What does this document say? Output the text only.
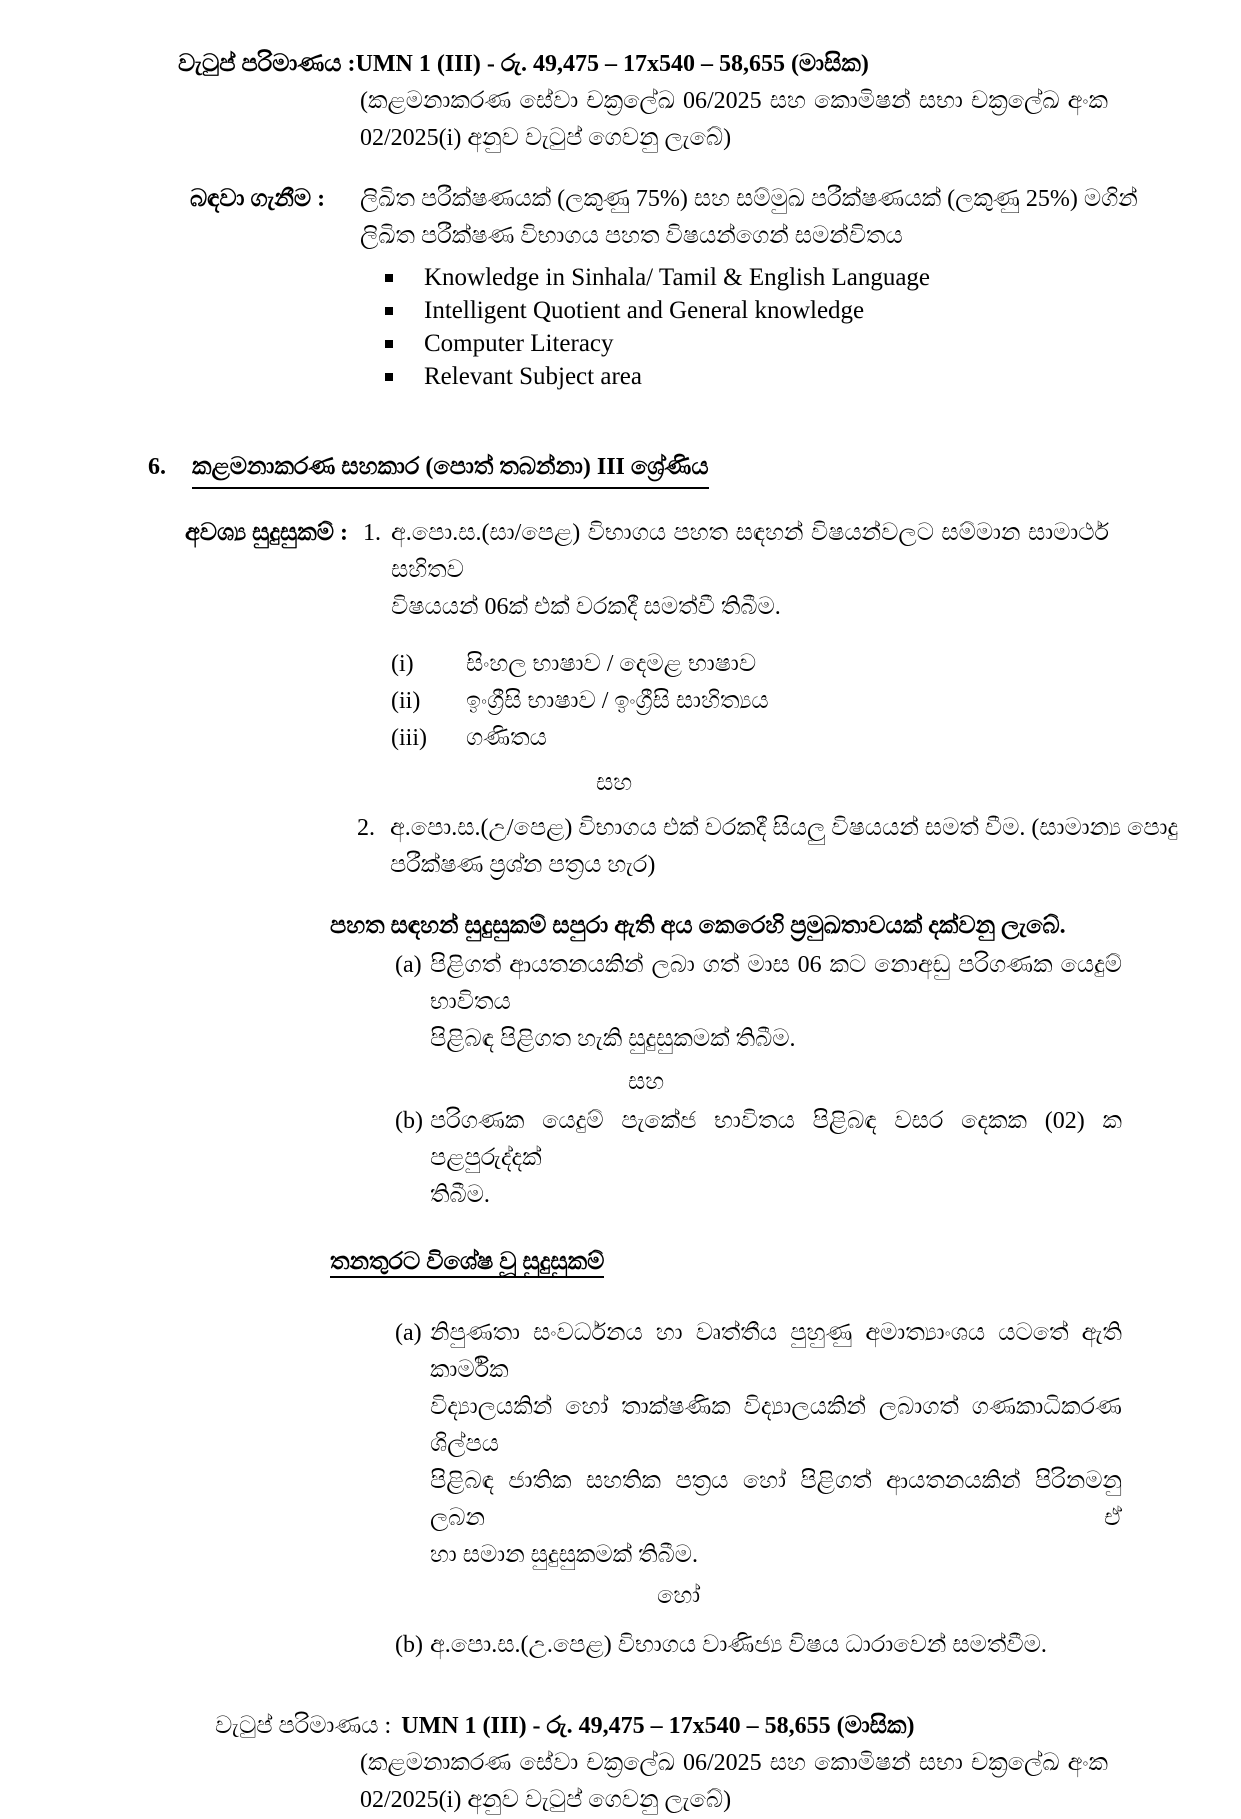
වැටුප් පරිමාණය : UMN 1 (III) - රු. 49,475 – 17x540 – 58,655 (මාසික)
(කළමනාකරණ සේවා චක්‍රලේඛ 06/2025 සහ කොමිෂන් සභා චක්‍රලේඛ අංක
02/2025(i) අනුව වැටුප් ගෙවනු ලැබේ)
බඳවා ගැනීම :	ලිඛිත පරීක්ෂණයක් (ලකුණු 75%) සහ සම්මුඛ පරීක්ෂණයක් (ලකුණු 25%) මගින්
ලිඛිත පරීක්ෂණ විභාගය පහත විෂයන්ගෙන් සමන්විතය
Knowledge in Sinhala/ Tamil & English Language
Intelligent Quotient and General knowledge
Computer Literacy
Relevant Subject area
6.	කළමනාකරණ සහකාර (පොත් තබන්නා) III ශ්‍රේණිය
අවශ්‍ය සුදුසුකම් : 1. අ.පො.ස.(සා/පෙළ) විභාගය පහත සඳහන් විෂයන්වලට සම්මාන සාමාර්ථ සහිතව
විෂයයන් 06ක් එක් වරකදී සමත්වී තිබීම.
(i)	සිංහල භාෂාව / දෙමළ භාෂාව
(ii)	ඉංග්‍රීසි භාෂාව / ඉංග්‍රීසි සාහිත්‍යය
(iii)	ගණිතය
සහ
2. අ.පො.ස.(උ/පෙළ) විභාගය එක් වරකදී සියලු විෂයයන් සමත් වීම. (සාමාන්‍ය පොදු
පරීක්ෂණ ප්‍රශ්න පත්‍රය හැර)
පහත සඳහන් සුදුසුකම් සපුරා ඇති අය කෙරෙහි ප්‍රමුඛතාවයක් දක්වනු ලැබේ.
(a) පිළිගත් ආයතනයකින් ලබා ගත් මාස 06 කට නොඅඩු පරිගණක යෙදුම් භාවිතය
පිළිබඳ පිළිගත හැකි සුදුසුකමක් තිබීම.
සහ
(b) පරිගණක යෙදුම් පැකේජ භාවිතය පිළිබඳ වසර දෙකක (02) ක පළපුරුද්දක්
තිබීම.
තනතුරට විශේෂ වූ සුදුසුකම්
(a) නිපුණතා සංවර්ධනය හා වෘත්තීය පුහුණු අමාත්‍යාංශය යටතේ ඇති කාර්මික
විද්‍යාලයකින් හෝ තාක්ෂණික විද්‍යාලයකින් ලබාගත් ගණකාධිකරණ ශිල්පය
පිළිබඳ ජාතික සහතික පත්‍රය හෝ පිළිගත් ආයතනයකින් පිරිනමනු ලබන ඒ
හා සමාන සුදුසුකමක් තිබීම.
හෝ
(b) අ.පො.ස.(උ.පෙළ) විභාගය වාණිජ්‍ය විෂය ධාරාවෙන් සමත්වීම.
වැටුප් පරිමාණය : UMN 1 (III) - රු. 49,475 – 17x540 – 58,655 (මාසික)
(කළමනාකරණ සේවා චක්‍රලේඛ 06/2025 සහ කොමිෂන් සභා චක්‍රලේඛ අංක
02/2025(i) අනුව වැටුප් ගෙවනු ලැබේ)
